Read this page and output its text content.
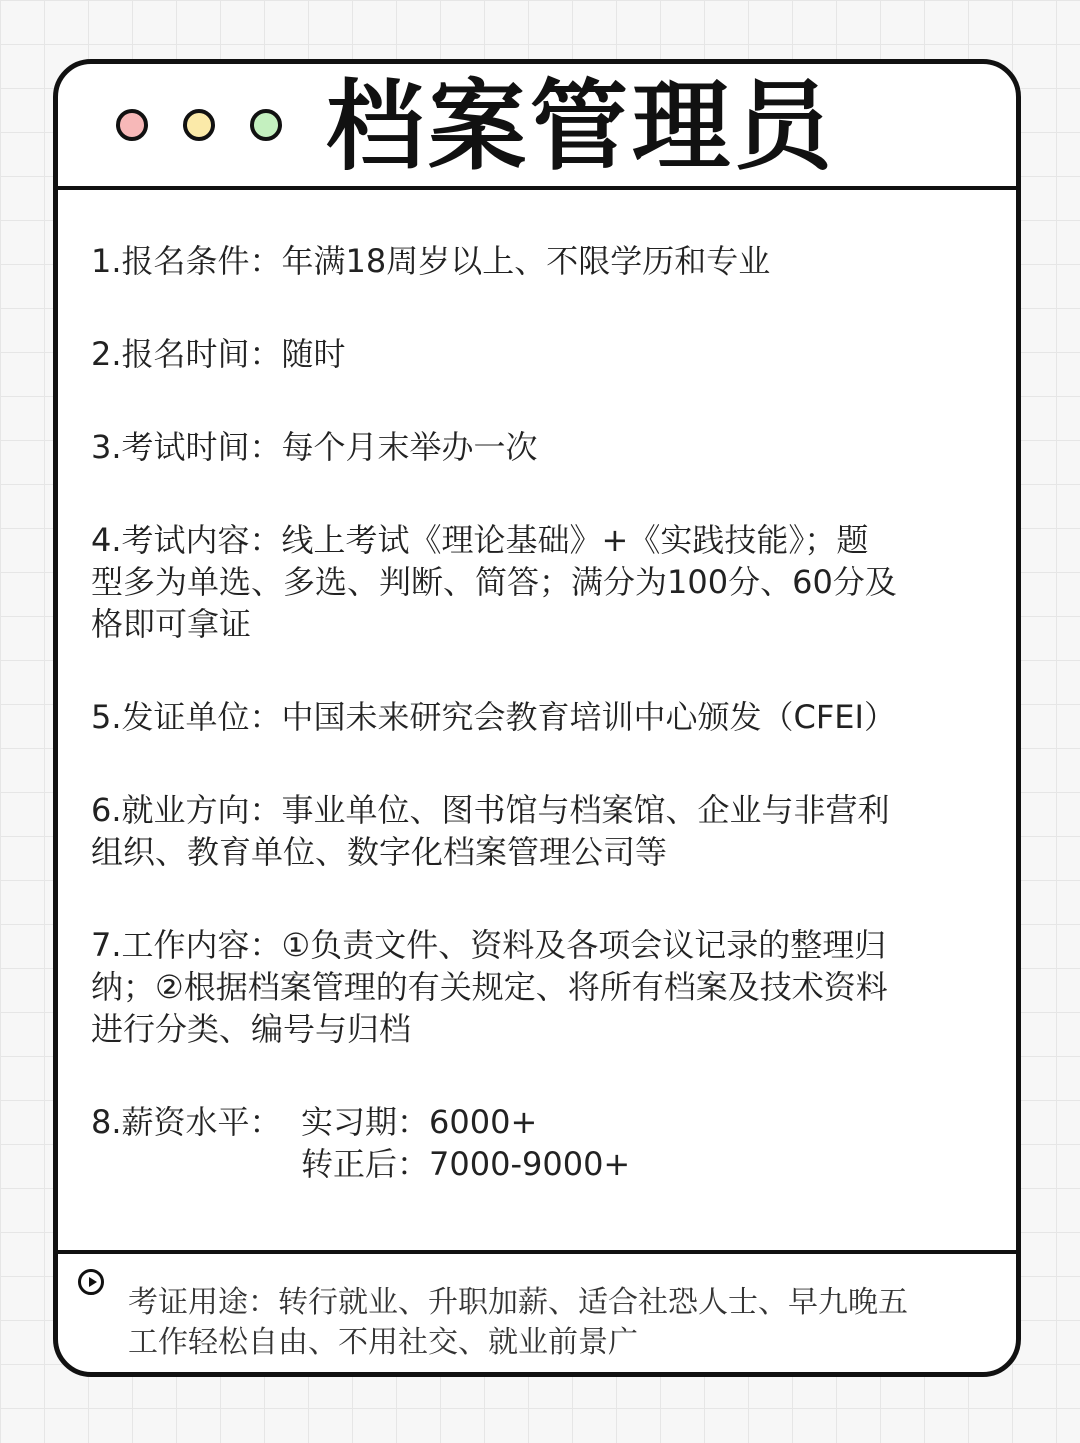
档案管理员

1.报名条件：年满18周岁以上、不限学历和专业

2.报名时间：随时

3.考试时间：每个月末举办一次

4.考试内容：线上考试《理论基础》+《实践技能》；题
型多为单选、多选、判断、简答；满分为100分、60分及
格即可拿证

5.发证单位：中国未来研究会教育培训中心颁发（CFEI）

6.就业方向：事业单位、图书馆与档案馆、企业与非营利
组织、教育单位、数字化档案管理公司等

7.工作内容：①负责文件、资料及各项会议记录的整理归
纳；②根据档案管理的有关规定、将所有档案及技术资料
进行分类、编号与归档

8.薪资水平： 实习期：6000+
转正后：7000-9000+
考证用途：转行就业、升职加薪、适合社恐人士、早九晚五
工作轻松自由、不用社交、就业前景广
